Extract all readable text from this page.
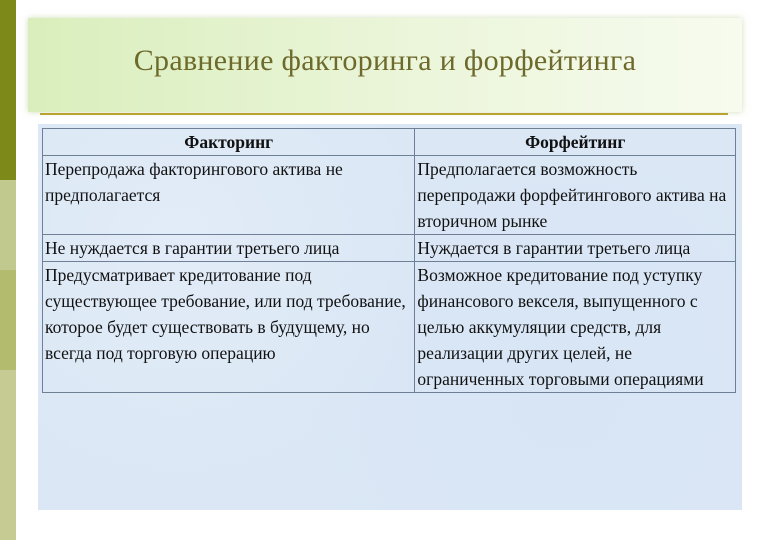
Сравнение факторинга и форфейтинга
Факторинг	Форфейтинг
Перепродажа факторингового актива не предполагается	Предполагается возможность перепродажи форфейтингового актива на вторичном рынке
Не нуждается в гарантии третьего лица	Нуждается в гарантии третьего лица
Предусматривает кредитование под существующее требование, или под требование, которое будет существовать в будущему, но всегда под торговую операцию	Возможное кредитование под уступку финансового векселя, выпущенного с целью аккумуляции средств, для реализации других целей, не ограниченных торговыми операциями
